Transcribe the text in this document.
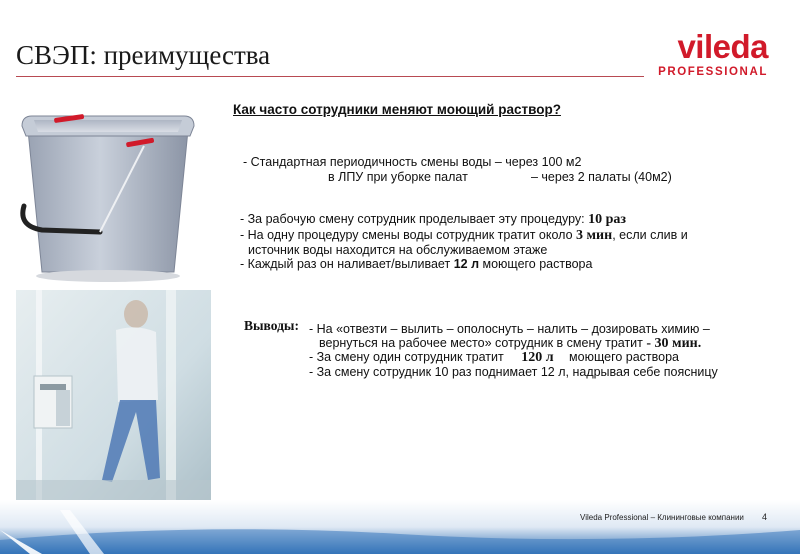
СВЭП: преимущества	vileda
PROFESSIONAL
Как часто сотрудники меняют моющий раствор?
- Стандартная периодичность смены воды – через 100 м2
в ЛПУ при уборке палат	– через 2 палаты (40м2)
- За рабочую смену сотрудник проделывает эту процедуру: 10 раз
- На одну процедуру смены воды сотрудник тратит около 3 мин, если слив и
источник воды находится на обслуживаемом этаже
- Каждый раз он наливает/выливает 12 л моющего раствора
Выводы: - На «отвезти – вылить – ополоснуть – налить – дозировать химию –
вернуться на рабочее место» сотрудник в смену тратит - 30 мин.
- За смену один сотрудник тратит 120 л моющего раствора
- За смену сотрудник 10 раз поднимает 12 л, надрывая себе поясницу
Vileda Professional – Клининговые компании 4
